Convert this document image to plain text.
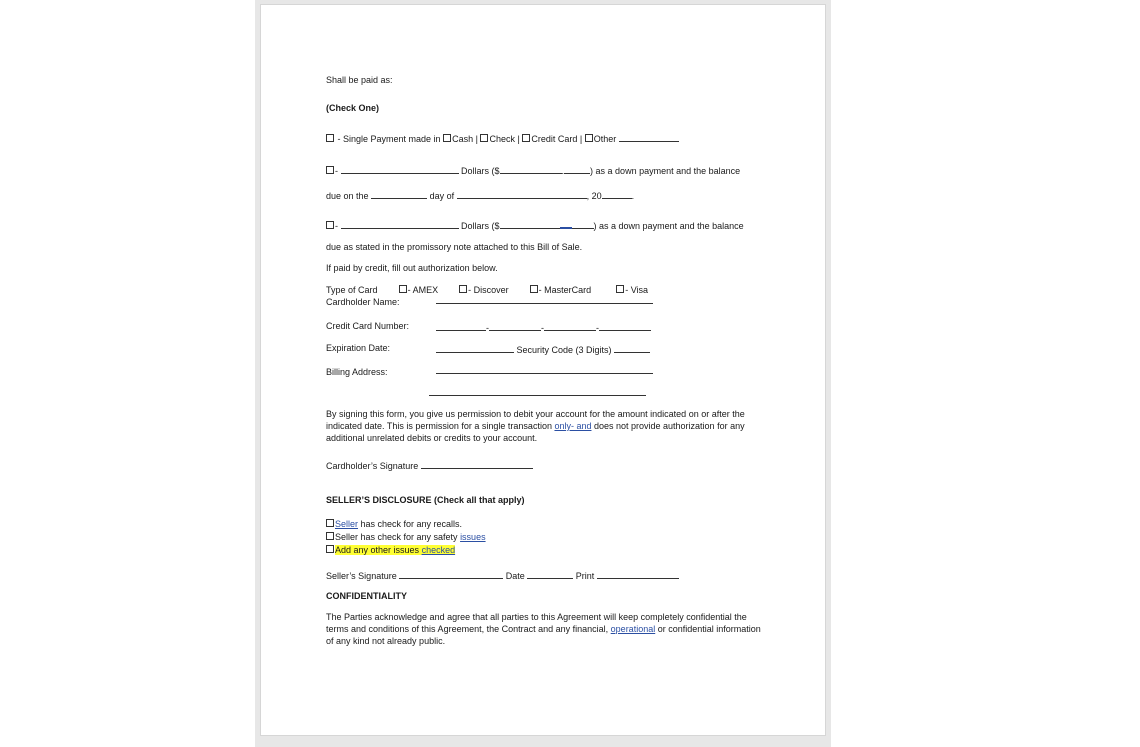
Shall be paid as:
(Check One)
- Single Payment made in Cash | Check | Credit Card | Other
-	Dollars ($	.	) as a down payment and the balance
due on the	day of	, 20	.
-	Dollars ($	) as a down payment and the balance
due as stated in the promissory note attached to this Bill of Sale.
If paid by credit, fill out authorization below.
Type of Card	- AMEX	- Discover	- MasterCard	- Visa
Cardholder Name:
Credit Card Number:	-	-	-
Expiration Date:	Security Code (3 Digits)
Billing Address:
By signing this form, you give us permission to debit your account for the amount indicated on or after the indicated date. This is permission for a single transaction only- and does not provide authorization for any additional unrelated debits or credits to your account.
Cardholder’s Signature
SELLER’S DISCLOSURE (Check all that apply)
Seller has check for any recalls.
Seller has check for any safety issues
Add any other issues checked
Seller’s Signature	Date	Print
CONFIDENTIALITY
The Parties acknowledge and agree that all parties to this Agreement will keep completely confidential the terms and conditions of this Agreement, the Contract and any financial, operational or confidential information of any kind not already public.
